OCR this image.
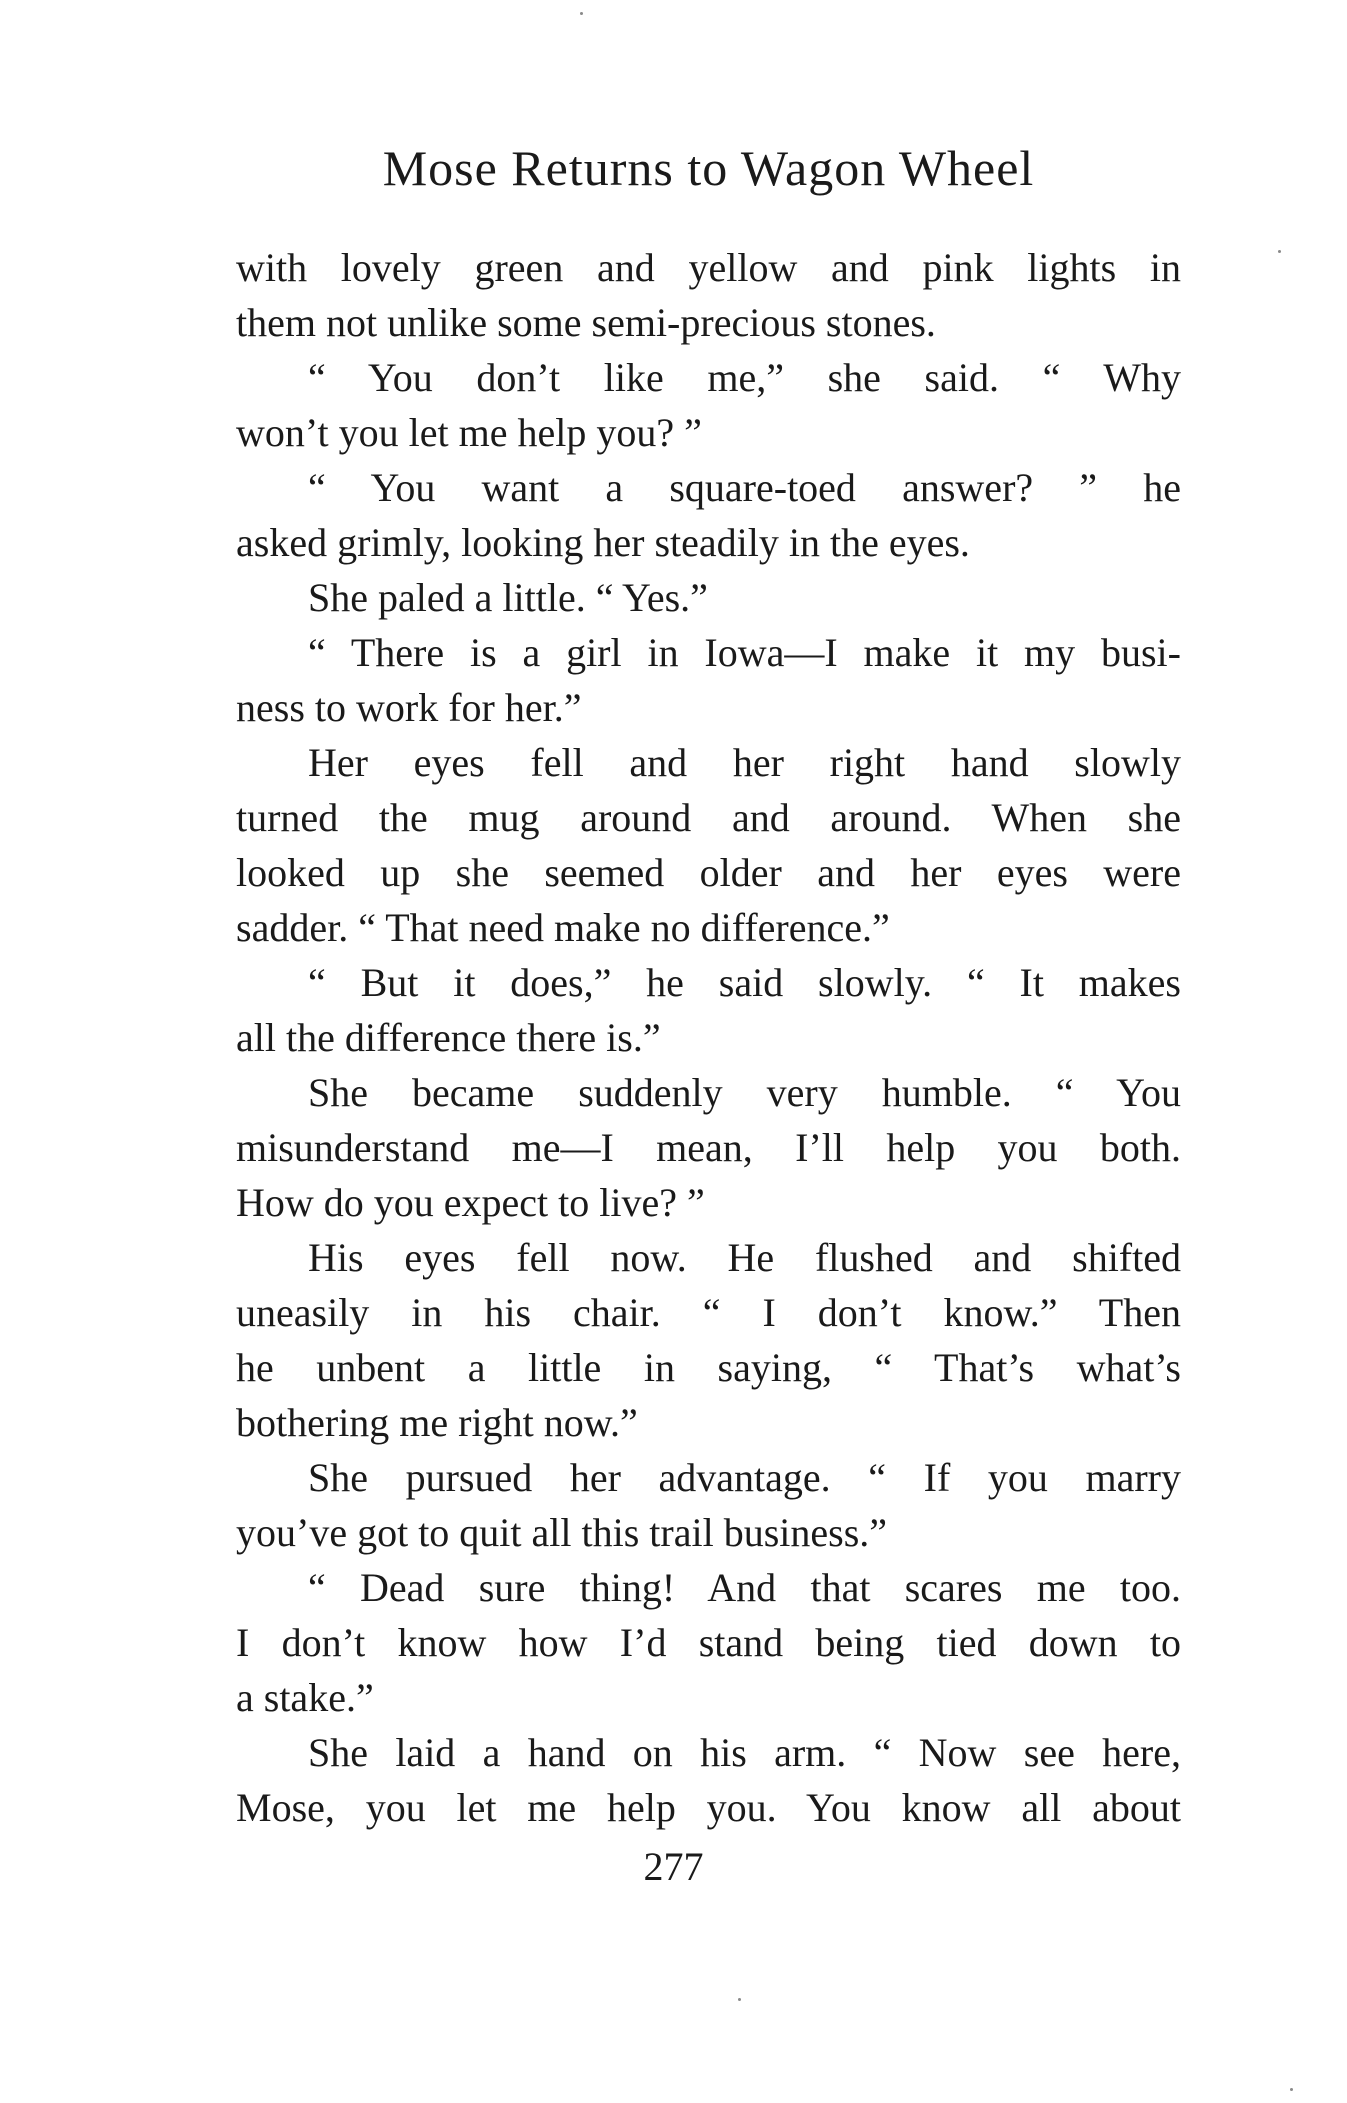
Mose Returns to Wagon Wheel
with lovely green and yellow and pink lights in
them not unlike some semi-precious stones.
“ You don’t like me,” she said. “ Why
won’t you let me help you? ”
“ You want a square-toed answer? ” he
asked grimly, looking her steadily in the eyes.
She paled a little. “ Yes.”
“ There is a girl in Iowa—I make it my busi-
ness to work for her.”
Her eyes fell and her right hand slowly
turned the mug around and around. When she
looked up she seemed older and her eyes were
sadder. “ That need make no difference.”
“ But it does,” he said slowly. “ It makes
all the difference there is.”
She became suddenly very humble. “ You
misunderstand me—I mean, I’ll help you both.
How do you expect to live? ”
His eyes fell now. He flushed and shifted
uneasily in his chair. “ I don’t know.” Then
he unbent a little in saying, “ That’s what’s
bothering me right now.”
She pursued her advantage. “ If you marry
you’ve got to quit all this trail business.”
“ Dead sure thing! And that scares me too.
I don’t know how I’d stand being tied down to
a stake.”
She laid a hand on his arm. “ Now see here,
Mose, you let me help you. You know all about
277
